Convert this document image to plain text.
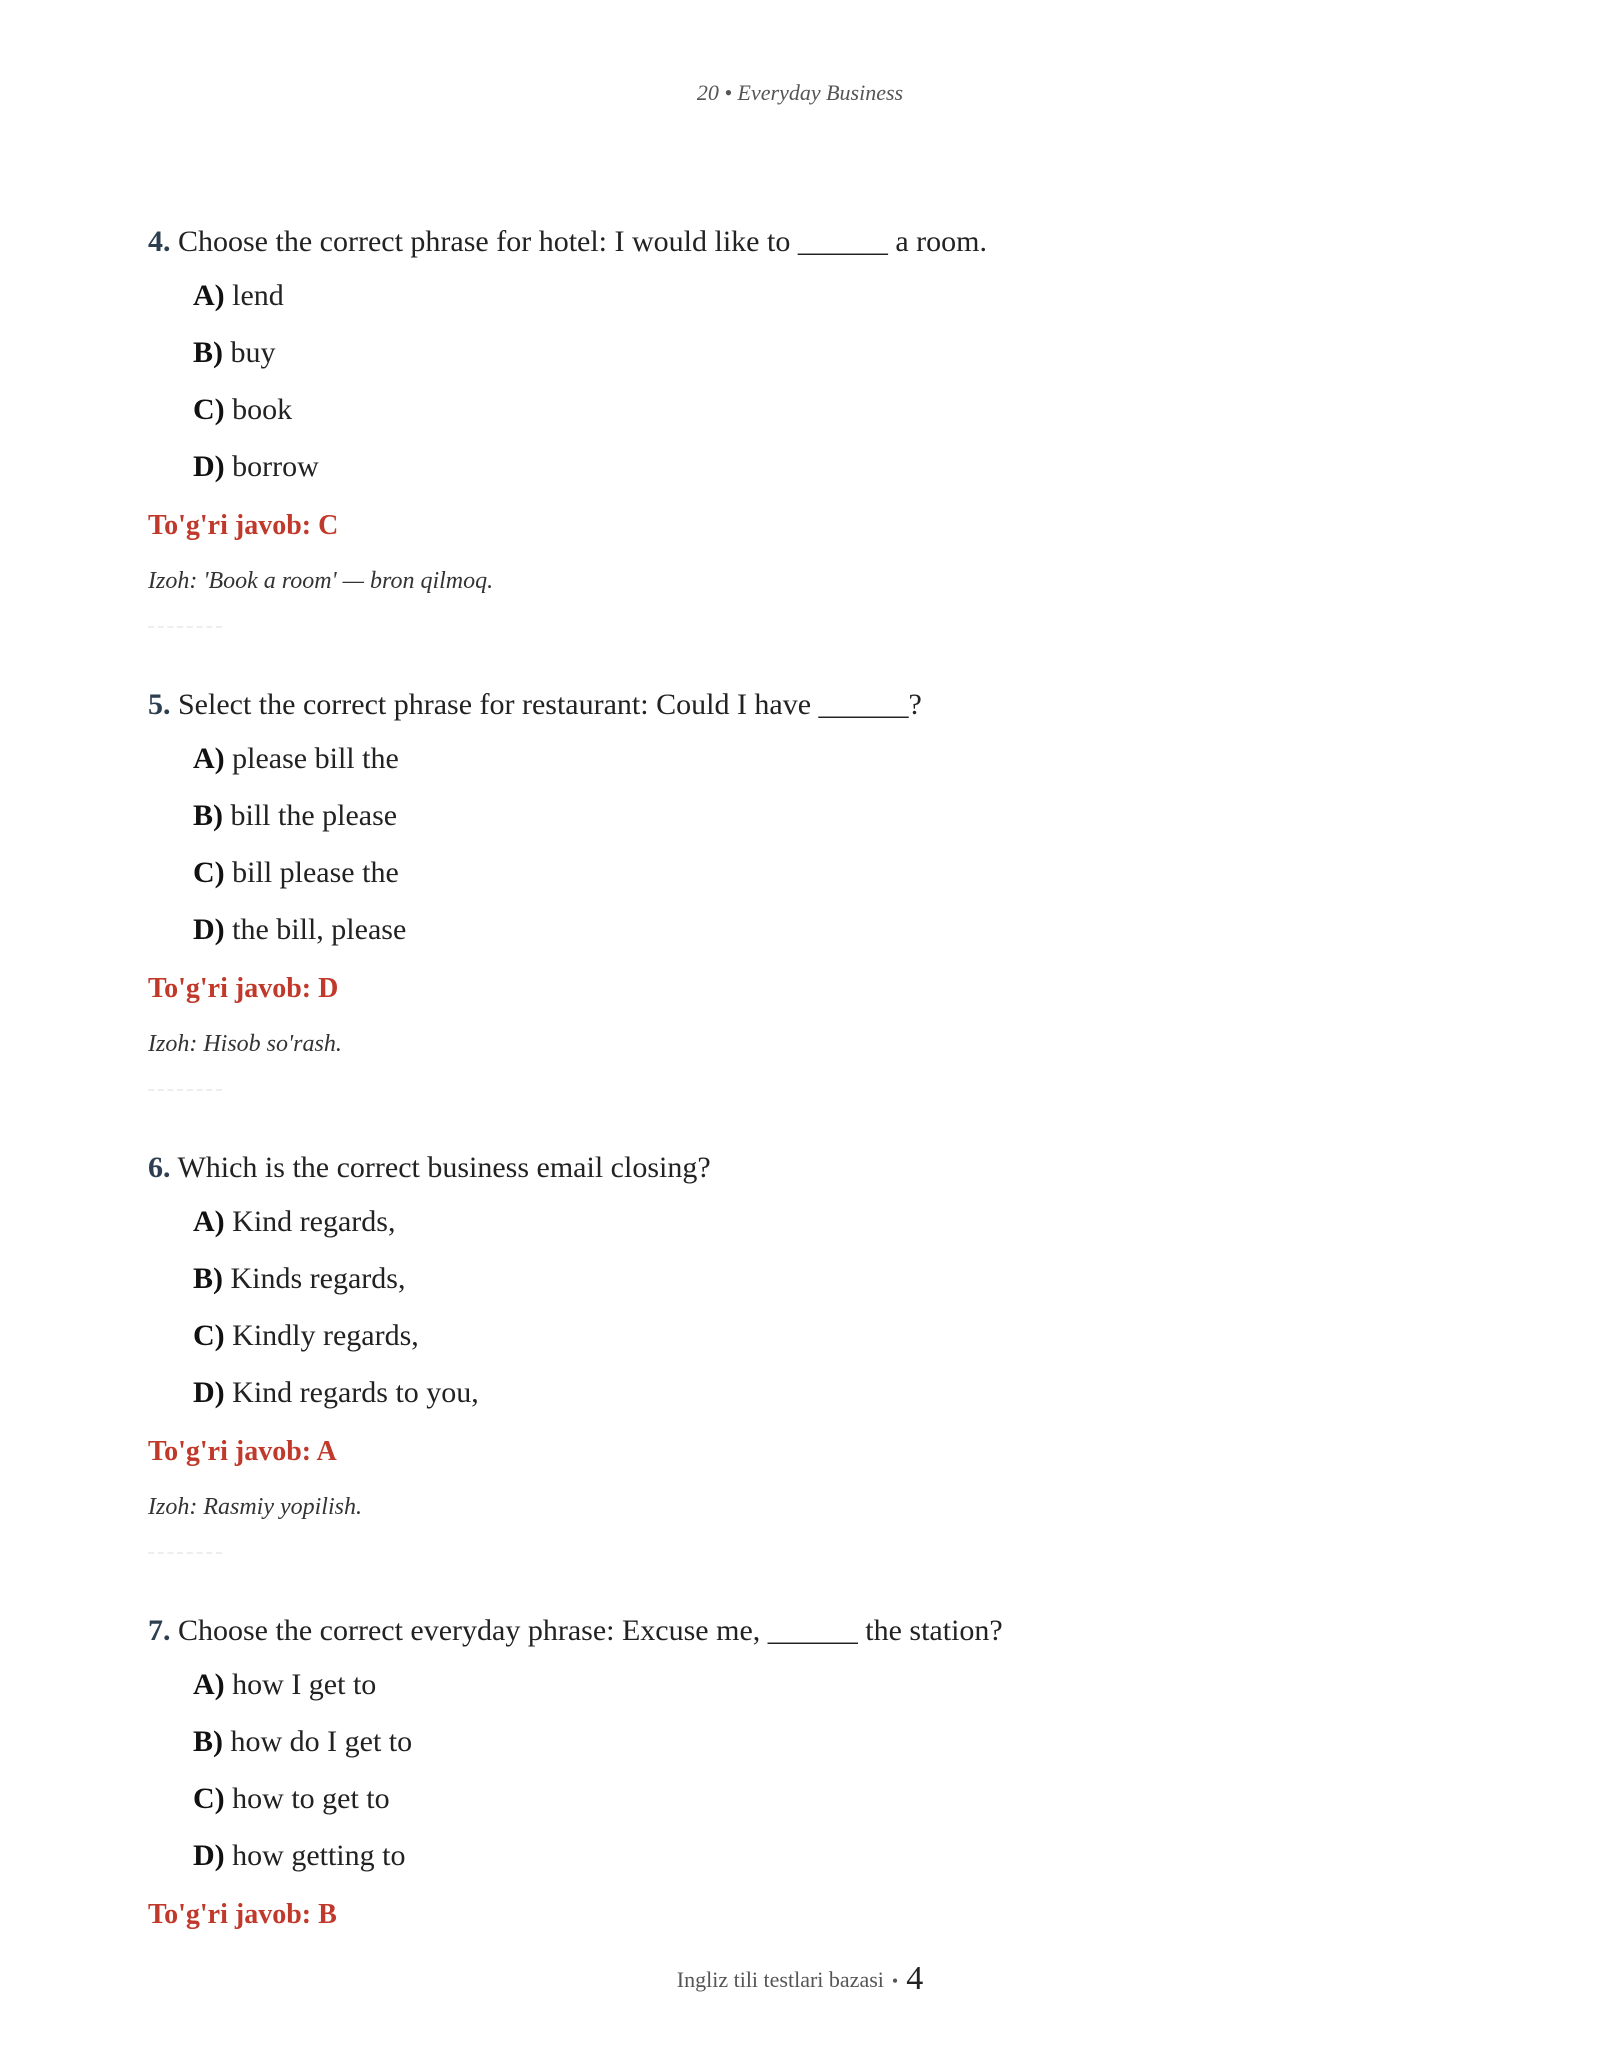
20 • Everyday Business

4. Choose the correct phrase for hotel: I would like to ______ a room.

A) lend
B) buy
C) book
D) borrow
To'g'ri javob: C
Izoh: 'Book a room' — bron qilmoq.

5. Select the correct phrase for restaurant: Could I have ______?

A) please bill the
B) bill the please
C) bill please the
D) the bill, please
To'g'ri javob: D
Izoh: Hisob so'rash.

6. Which is the correct business email closing?

A) Kind regards,
B) Kinds regards,
C) Kindly regards,
D) Kind regards to you,
To'g'ri javob: A
Izoh: Rasmiy yopilish.

7. Choose the correct everyday phrase: Excuse me, ______ the station?

A) how I get to
B) how do I get to
C) how to get to
D) how getting to
To'g'ri javob: B
Ingliz tili testlari bazasi • 4
